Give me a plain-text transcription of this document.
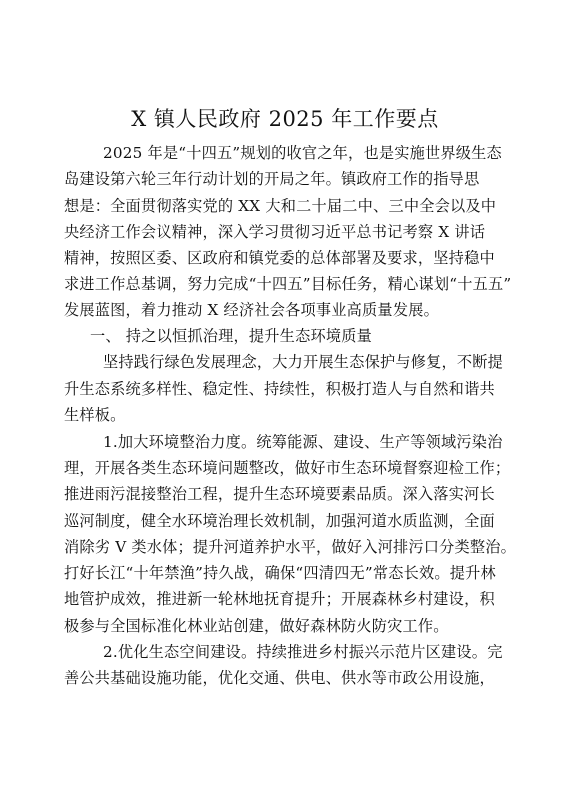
X 镇人民政府 2025 年工作要点
2025 年是“十四五”规划的收官之年，也是实施世界级生态
岛建设第六轮三年行动计划的开局之年。镇政府工作的指导思
想是：全面贯彻落实党的 XX 大和二十届二中、三中全会以及中
央经济工作会议精神，深入学习贯彻习近平总书记考察 X 讲话
精神，按照区委、区政府和镇党委的总体部署及要求，坚持稳中
求进工作总基调，努力完成“十四五”目标任务，精心谋划“十五五”
发展蓝图，着力推动 X 经济社会各项事业高质量发展。
一、 持之以恒抓治理，提升生态环境质量
坚持践行绿色发展理念，大力开展生态保护与修复，不断提
升生态系统多样性、稳定性、持续性，积极打造人与自然和谐共
生样板。
1.加大环境整治力度。统筹能源、建设、生产等领域污染治
理，开展各类生态环境问题整改，做好市生态环境督察迎检工作；
推进雨污混接整治工程，提升生态环境要素品质。深入落实河长
巡河制度，健全水环境治理长效机制，加强河道水质监测，全面
消除劣 V 类水体；提升河道养护水平，做好入河排污口分类整治。
打好长江“十年禁渔”持久战，确保“四清四无”常态长效。提升林
地管护成效，推进新一轮林地抚育提升；开展森林乡村建设，积
极参与全国标准化林业站创建，做好森林防火防灾工作。
2.优化生态空间建设。持续推进乡村振兴示范片区建设。完
善公共基础设施功能，优化交通、供电、供水等市政公用设施，
